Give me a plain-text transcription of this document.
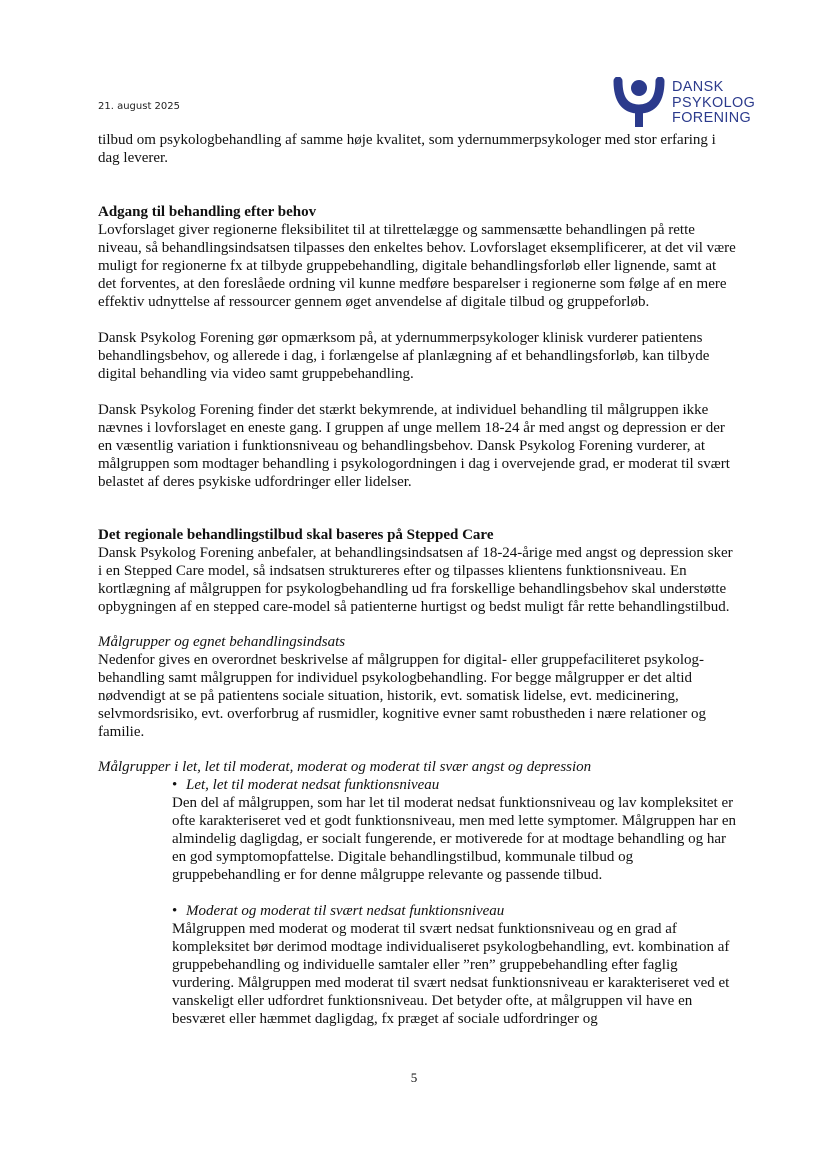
21. august 2025
DANSK
PSYKOLOG
FORENING

tilbud om psykologbehandling af samme høje kvalitet, som ydernummerpsykologer med stor erfaring i dag leverer.

Adgang til behandling efter behov

Lovforslaget giver regionerne fleksibilitet til at tilrettelægge og sammensætte behandlingen på rette niveau, så behandlingsindsatsen tilpasses den enkeltes behov. Lovforslaget eksemplificerer, at det vil være muligt for regionerne fx at tilbyde gruppebehandling, digitale behandlingsforløb eller lignende, samt at det forventes, at den foreslåede ordning vil kunne medføre besparelser i regionerne som følge af en mere effektiv udnyttelse af ressourcer gennem øget anvendelse af digitale tilbud og gruppeforløb.

Dansk Psykolog Forening gør opmærksom på, at ydernummerpsykologer klinisk vurderer patientens behandlingsbehov, og allerede i dag, i forlængelse af planlægning af et behandlingsforløb, kan tilbyde digital behandling via video samt gruppebehandling.

Dansk Psykolog Forening finder det stærkt bekymrende, at individuel behandling til målgruppen ikke nævnes i lovforslaget en eneste gang. I gruppen af unge mellem 18-24 år med angst og depression er der en væsentlig variation i funktionsniveau og behandlingsbehov. Dansk Psykolog Forening vurderer, at målgruppen som modtager behandling i psykologordningen i dag i overvejende grad, er moderat til svært belastet af deres psykiske udfordringer eller lidelser.

Det regionale behandlingstilbud skal baseres på Stepped Care

Dansk Psykolog Forening anbefaler, at behandlingsindsatsen af 18-24-årige med angst og depression sker i en Stepped Care model, så indsatsen struktureres efter og tilpasses klientens funktionsniveau. En kortlægning af målgruppen for psykologbehandling ud fra forskellige behandlingsbehov skal understøtte opbygningen af en stepped care-model så patienterne hurtigst og bedst muligt får rette behandlingstilbud.

Målgrupper og egnet behandlingsindsats

Nedenfor gives en overordnet beskrivelse af målgruppen for digital- eller gruppefaciliteret psykologbehandling samt målgruppen for individuel psykologbehandling. For begge målgrupper er det altid nødvendigt at se på patientens sociale situation, historik, evt. somatisk lidelse, evt. medicinering, selvmordsrisiko, evt. overforbrug af rusmidler, kognitive evner samt robustheden i nære relationer og familie.

Målgrupper i let, let til moderat, moderat og moderat til svær angst og depression

• Let, let til moderat nedsat funktionsniveau

Den del af målgruppen, som har let til moderat nedsat funktionsniveau og lav kompleksitet er ofte karakteriseret ved et godt funktionsniveau, men med lette symptomer. Målgruppen har en almindelig dagligdag, er socialt fungerende, er motiverede for at modtage behandling og har en god symptomopfattelse. Digitale behandlingstilbud, kommunale tilbud og gruppebehandling er for denne målgruppe relevante og passende tilbud.

• Moderat og moderat til svært nedsat funktionsniveau

Målgruppen med moderat og moderat til svært nedsat funktionsniveau og en grad af kompleksitet bør derimod modtage individualiseret psykologbehandling, evt. kombination af gruppebehandling og individuelle samtaler eller ”ren” gruppebehandling efter faglig vurdering. Målgruppen med moderat til svært nedsat funktionsniveau er karakteriseret ved et vanskeligt eller udfordret funktionsniveau. Det betyder ofte, at målgruppen vil have en besværet eller hæmmet dagligdag, fx præget af sociale udfordringer og

5
